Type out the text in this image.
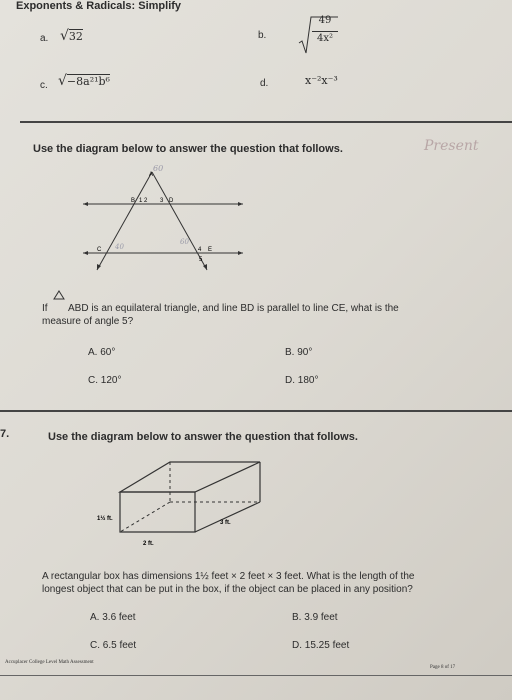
Exponents & Radicals: Simplify
a. √32	b.
49
4x²
c. √−8a²¹b⁶	d.	x⁻²x⁻³
Use the diagram below to answer the question that follows.	Present
A
B 1 2 3 D
C	4 E
5
60
40
60
If ABD is an equilateral triangle, and line BD is parallel to line CE, what is the
measure of angle 5?
A. 60°	B. 90°
C. 120°	D. 180°
7.	Use the diagram below to answer the question that follows.
1½ ft.
3 ft.
2 ft.
A rectangular box has dimensions 1½ feet × 2 feet × 3 feet. What is the length of the
longest object that can be put in the box, if the object can be placed in any position?
A. 3.6 feet	B. 3.9 feet
C. 6.5 feet	D. 15.25 feet
Accuplacer College Level Math Assessment
Page 8 of 17
